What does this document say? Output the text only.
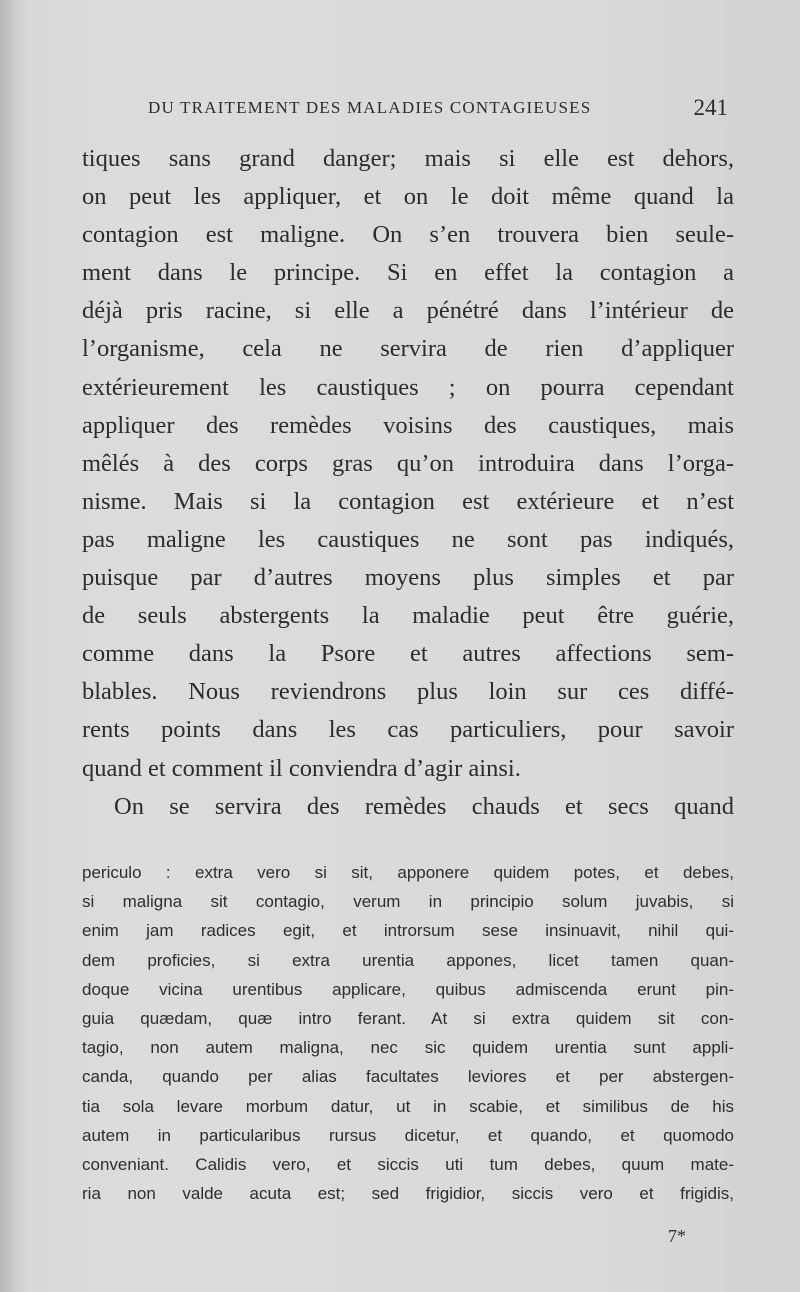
DU TRAITEMENT DES MALADIES CONTAGIEUSES	241
tiques sans grand danger; mais si elle est dehors,
on peut les appliquer, et on le doit même quand la
contagion est maligne. On s’en trouvera bien seule-
ment dans le principe. Si en effet la contagion a
déjà pris racine, si elle a pénétré dans l’intérieur de
l’organisme, cela ne servira de rien d’appliquer
extérieurement les caustiques ; on pourra cependant
appliquer des remèdes voisins des caustiques, mais
mêlés à des corps gras qu’on introduira dans l’orga-
nisme. Mais si la contagion est extérieure et n’est
pas maligne les caustiques ne sont pas indiqués,
puisque par d’autres moyens plus simples et par
de seuls abstergents la maladie peut être guérie,
comme dans la Psore et autres affections sem-
blables. Nous reviendrons plus loin sur ces diffé-
rents points dans les cas particuliers, pour savoir
quand et comment il conviendra d’agir ainsi.
On se servira des remèdes chauds et secs quand
periculo : extra vero si sit, apponere quidem potes, et debes,
si maligna sit contagio, verum in principio solum juvabis, si
enim jam radices egit, et introrsum sese insinuavit, nihil qui-
dem proficies, si extra urentia appones, licet tamen quan-
doque vicina urentibus applicare, quibus admiscenda erunt pin-
guia quædam, quæ intro ferant. At si extra quidem sit con-
tagio, non autem maligna, nec sic quidem urentia sunt appli-
canda, quando per alias facultates leviores et per abstergen-
tia sola levare morbum datur, ut in scabie, et similibus de his
autem in particularibus rursus dicetur, et quando, et quomodo
conveniant. Calidis vero, et siccis uti tum debes, quum mate-
ria non valde acuta est; sed frigidior, siccis vero et frigidis,
7*
